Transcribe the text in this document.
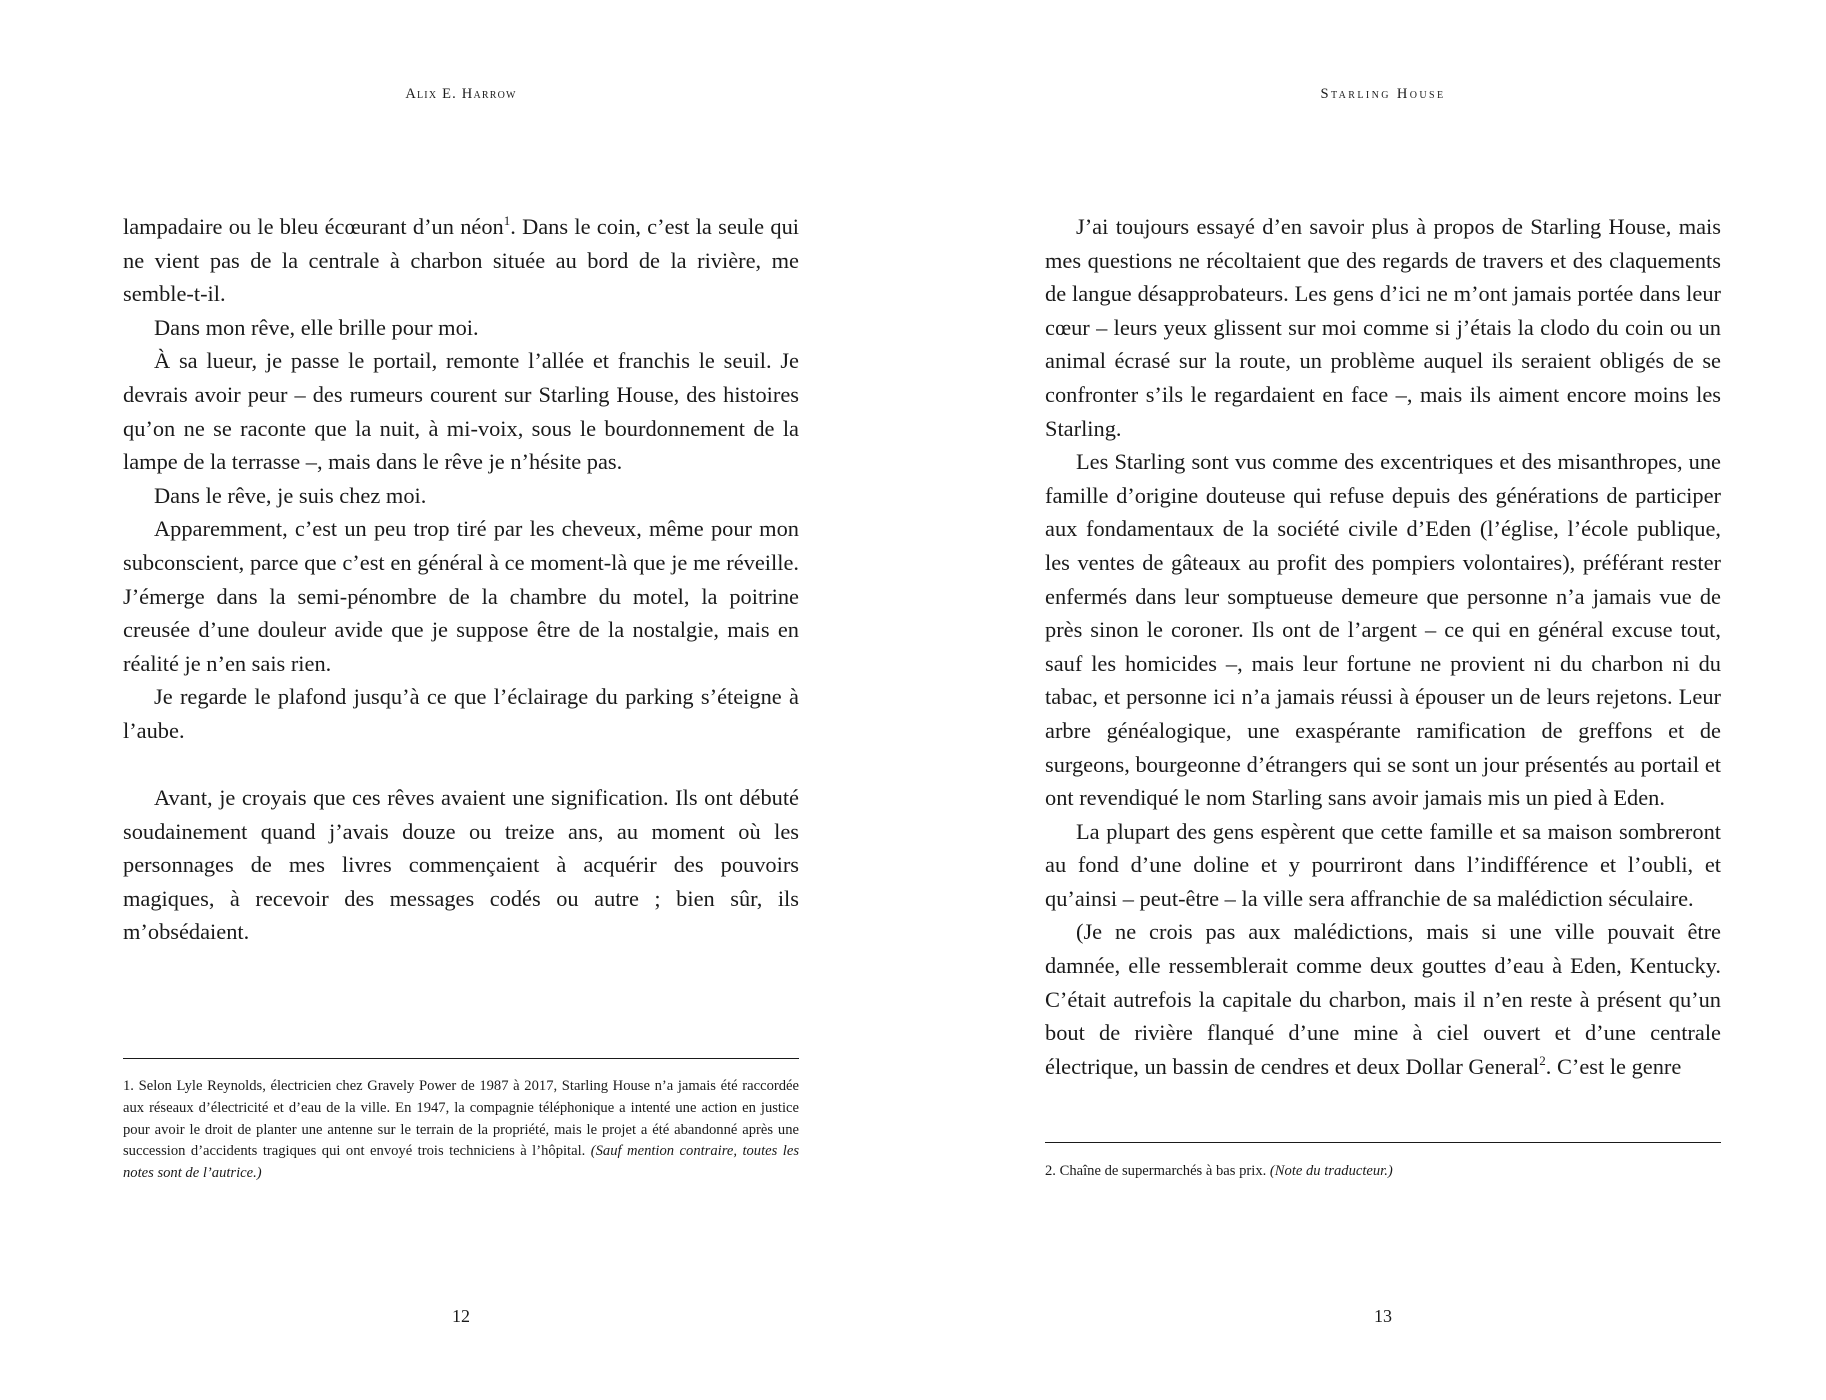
Alix E. Harrow

lampadaire ou le bleu écœurant d’un néon$^1$. Dans le coin, c’est la seule qui ne vient pas de la centrale à charbon située au bord de la rivière, me semble-t-il.

Dans mon rêve, elle brille pour moi.

À sa lueur, je passe le portail, remonte l’allée et franchis le seuil. Je devrais avoir peur – des rumeurs courent sur Starling House, des histoires qu’on ne se raconte que la nuit, à mi-voix, sous le bourdonnement de la lampe de la terrasse –, mais dans le rêve je n’hésite pas.

Dans le rêve, je suis chez moi.

Apparemment, c’est un peu trop tiré par les cheveux, même pour mon subconscient, parce que c’est en général à ce moment-là que je me réveille. J’émerge dans la semi-pénombre de la chambre du motel, la poitrine creusée d’une douleur avide que je suppose être de la nostalgie, mais en réalité je n’en sais rien.

Je regarde le plafond jusqu’à ce que l’éclairage du parking s’éteigne à l’aube.

Avant, je croyais que ces rêves avaient une signification. Ils ont débuté soudainement quand j’avais douze ou treize ans, au moment où les personnages de mes livres commençaient à acquérir des pouvoirs magiques, à recevoir des messages codés ou autre ; bien sûr, ils m’obsédaient.

1. Selon Lyle Reynolds, électricien chez Gravely Power de 1987 à 2017, Starling House n’a jamais été raccordée aux réseaux d’électricité et d’eau de la ville. En 1947, la compagnie téléphonique a intenté une action en justice pour avoir le droit de planter une antenne sur le terrain de la propriété, mais le projet a été abandonné après une succession d’accidents tragiques qui ont envoyé trois techniciens à l’hôpital. (Sauf mention contraire, toutes les notes sont de l’autrice.)

12
Starling House

J’ai toujours essayé d’en savoir plus à propos de Starling House, mais mes questions ne récoltaient que des regards de travers et des claquements de langue désapprobateurs. Les gens d’ici ne m’ont jamais portée dans leur cœur – leurs yeux glissent sur moi comme si j’étais la clodo du coin ou un animal écrasé sur la route, un problème auquel ils seraient obligés de se confronter s’ils le regardaient en face –, mais ils aiment encore moins les Starling.

Les Starling sont vus comme des excentriques et des misanthropes, une famille d’origine douteuse qui refuse depuis des générations de participer aux fondamentaux de la société civile d’Eden (l’église, l’école publique, les ventes de gâteaux au profit des pompiers volontaires), préférant rester enfermés dans leur somptueuse demeure que personne n’a jamais vue de près sinon le coroner. Ils ont de l’argent – ce qui en général excuse tout, sauf les homicides –, mais leur fortune ne provient ni du charbon ni du tabac, et personne ici n’a jamais réussi à épouser un de leurs rejetons. Leur arbre généalogique, une exaspérante ramification de greffons et de surgeons, bourgeonne d’étrangers qui se sont un jour présentés au portail et ont revendiqué le nom Starling sans avoir jamais mis un pied à Eden.

La plupart des gens espèrent que cette famille et sa maison sombreront au fond d’une doline et y pourriront dans l’indifférence et l’oubli, et qu’ainsi – peut-être – la ville sera affranchie de sa malédiction séculaire.

(Je ne crois pas aux malédictions, mais si une ville pouvait être damnée, elle ressemblerait comme deux gouttes d’eau à Eden, Kentucky. C’était autrefois la capitale du charbon, mais il n’en reste à présent qu’un bout de rivière flanqué d’une mine à ciel ouvert et d’une centrale électrique, un bassin de cendres et deux Dollar General$^2$. C’est le genre

2. Chaîne de supermarchés à bas prix. (Note du traducteur.)

13
